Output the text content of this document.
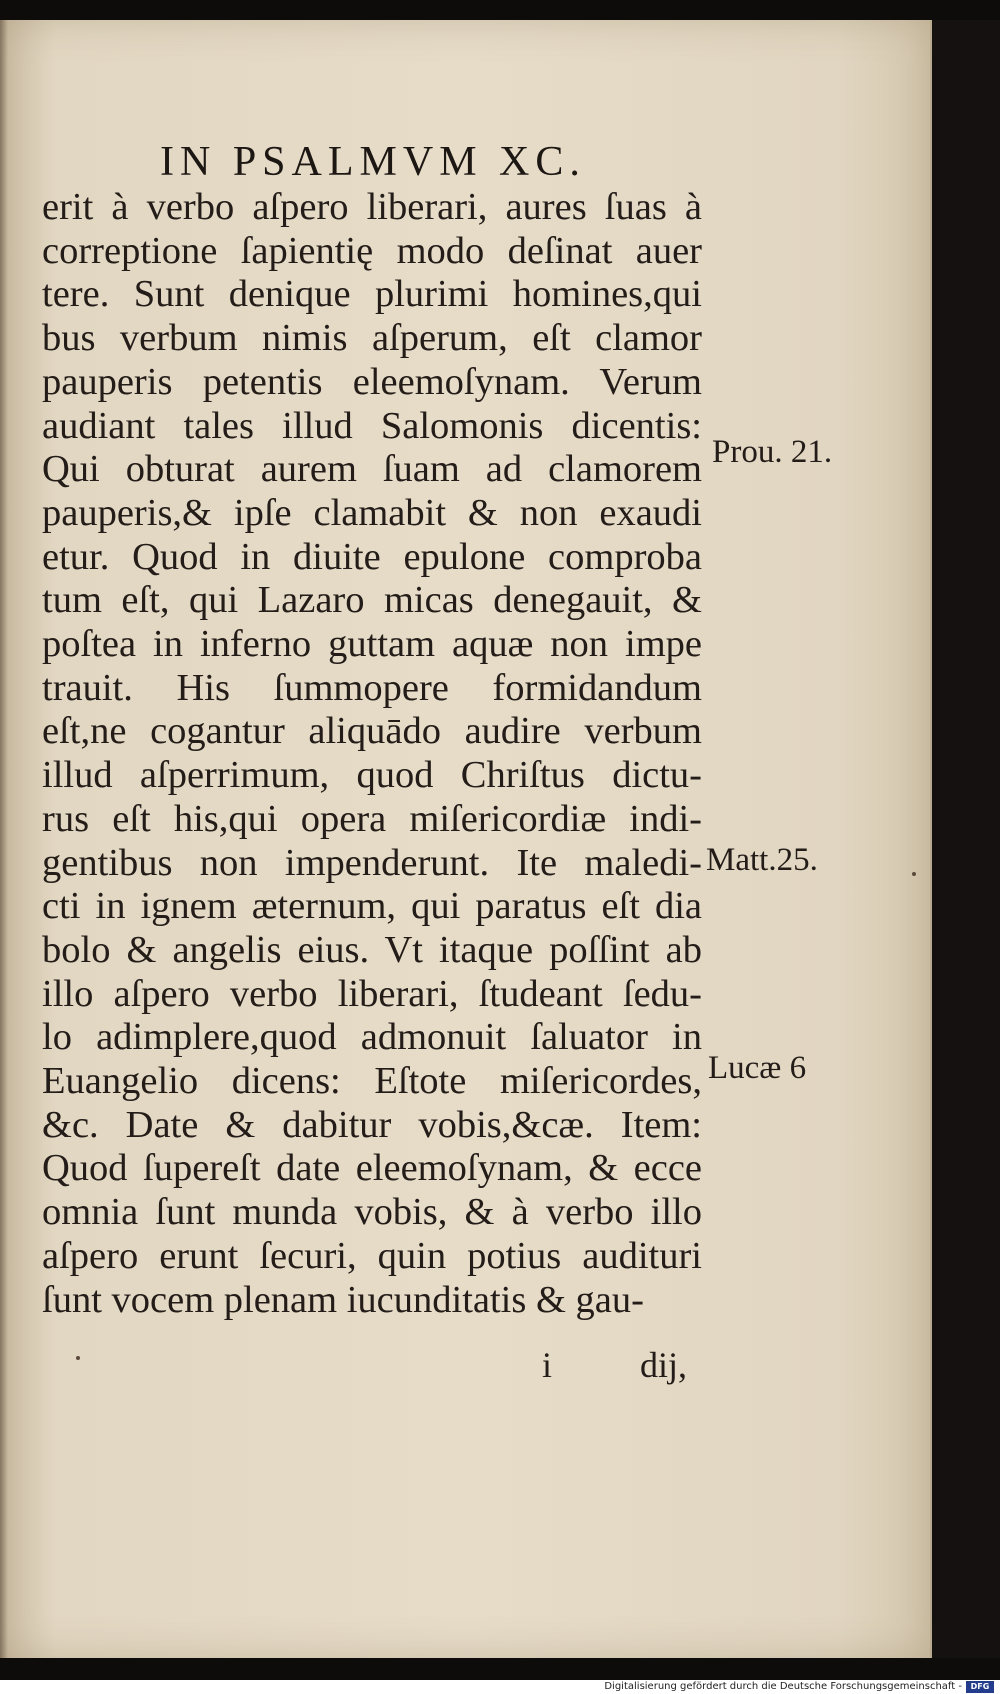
IN PSALMVM XC.
erit à verbo aſpero liberari, aures ſuas à
correptione ſapientię modo deſinat auer
tere. Sunt denique plurimi homines,qui
bus verbum nimis aſperum, eſt clamor
pauperis petentis eleemoſynam. Verum
audiant tales illud Salomonis dicentis:
Qui obturat aurem ſuam ad clamorem
pauperis,& ipſe clamabit & non exaudi
etur. Quod in diuite epulone comproba
tum eſt, qui Lazaro micas denegauit, &
poſtea in inferno guttam aquæ non impe
trauit. His ſummopere formidandum
eſt,ne cogantur aliquādo audire verbum
illud aſperrimum, quod Chriſtus dictu-
rus eſt his,qui opera miſericordiæ indi-
gentibus non impenderunt. Ite maledi-
cti in ignem æternum, qui paratus eſt dia
bolo & angelis eius. Vt itaque poſſint ab
illo aſpero verbo liberari, ſtudeant ſedu-
lo adimplere,quod admonuit ſaluator in
Euangelio dicens: Eſtote miſericordes,
&c. Date & dabitur vobis,&cæ. Item:
Quod ſupereſt date eleemoſynam, & ecce
omnia ſunt munda vobis, & à verbo illo
aſpero erunt ſecuri, quin potius audituri
ſunt vocem plenam iucunditatis & gau-
Prou. 21.
Matt.25.
Lucæ 6
i dij,
Digitalisierung gefördert durch die Deutsche Forschungsgemeinschaft -	DFG
